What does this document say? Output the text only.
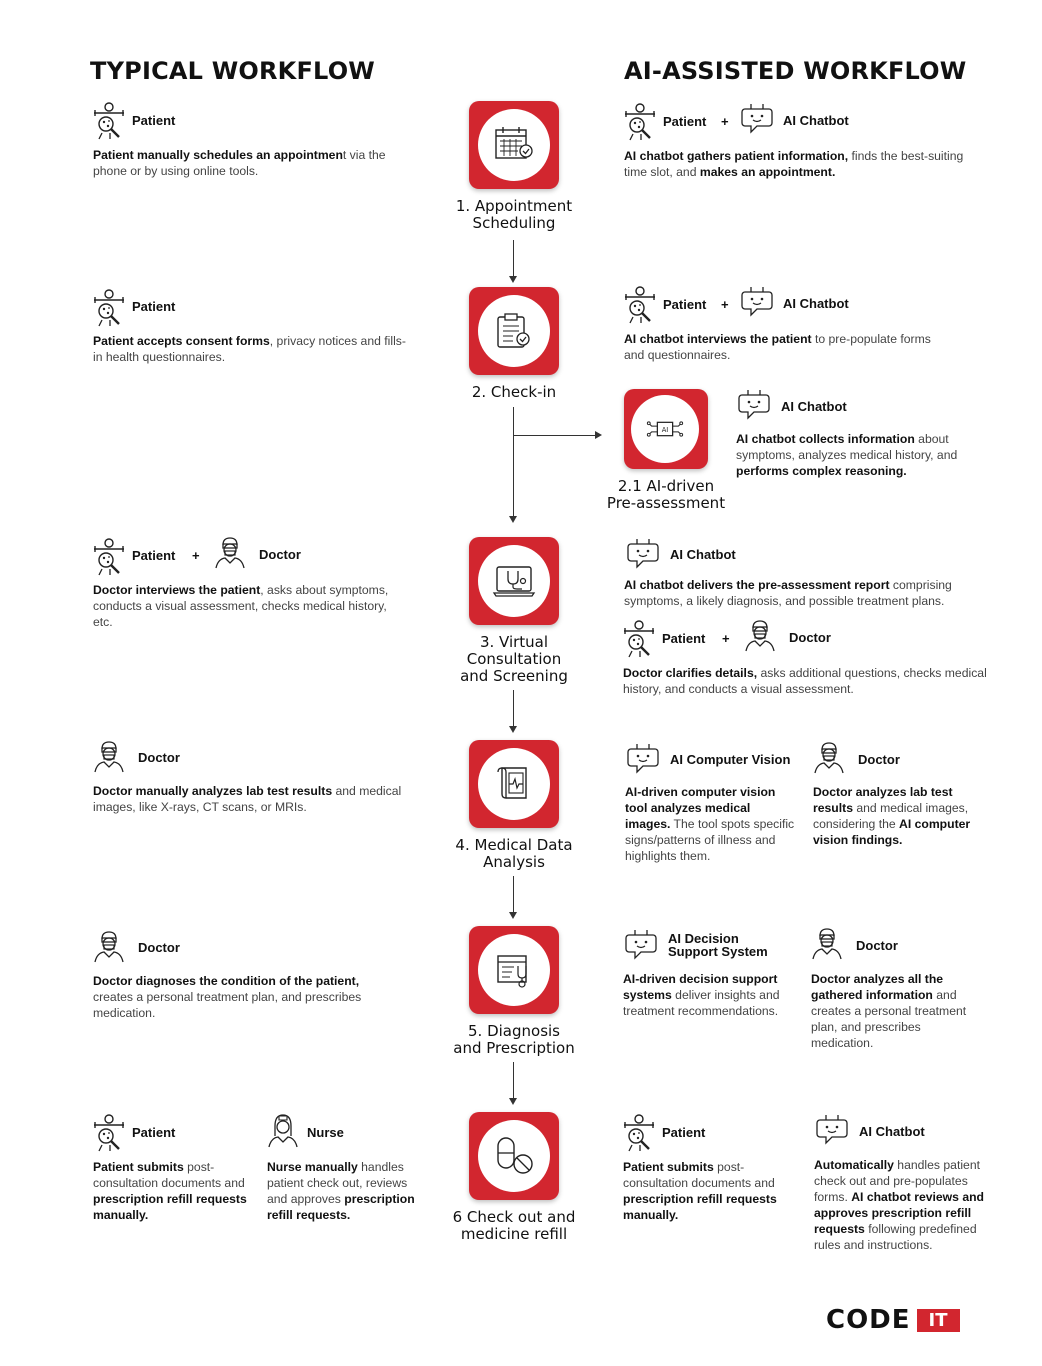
TYPICAL WORKFLOW	AI-ASSISTED WORKFLOW
1. Appointment
Scheduling
2. Check-in
AI
2.1 AI-driven
Pre-assessment
3. Virtual
Consultation
and Screening
4. Medical Data
Analysis
5. Diagnosis
and Prescription
6 Check out and
medicine refill
Patient
Patient manually schedules an appointment via the phone or by using online tools.
Patient
Patient accepts consent forms, privacy notices and fills-in health questionnaires.
Patient +	Doctor
Doctor interviews the patient, asks about symptoms, conducts a visual assessment, checks medical history, etc.
Doctor
Doctor manually analyzes lab test results and medical images, like X-rays, CT scans, or MRIs.
Doctor
Doctor diagnoses the condition of the patient, creates a personal treatment plan, and prescribes medication.
Patient
Patient submits post-consultation documents and prescription refill requests manually.
Nurse
Nurse manually handles patient check out, reviews and approves prescription refill requests.
Patient +	AI Chatbot
AI chatbot gathers patient information, finds the best-suiting time slot, and makes an appointment.
Patient +	AI Chatbot
AI chatbot interviews the patient to pre-populate forms and questionnaires.
AI Chatbot
AI chatbot collects information about symptoms, analyzes medical history, and performs complex reasoning.
AI Chatbot
AI chatbot delivers the pre-assessment report comprising symptoms, a likely diagnosis, and possible treatment plans.
Patient +	Doctor
Doctor clarifies details, asks additional questions, checks medical history, and conducts a visual assessment.
AI Computer Vision
AI-driven computer vision tool analyzes medical images. The tool spots specific signs/patterns of illness and highlights them.
Doctor
Doctor analyzes lab test results and medical images, considering the AI computer vision findings.
AI Decision
Support System
AI-driven decision support systems deliver insights and treatment recommendations.
Doctor
Doctor analyzes all the gathered information and creates a personal treatment plan, and prescribes medication.
Patient
Patient submits post-consultation documents and prescription refill requests manually.
AI Chatbot
Automatically handles patient check out and pre-populates forms. AI chatbot reviews and approves prescription refill requests following predefined rules and instructions.
CODE	IT
